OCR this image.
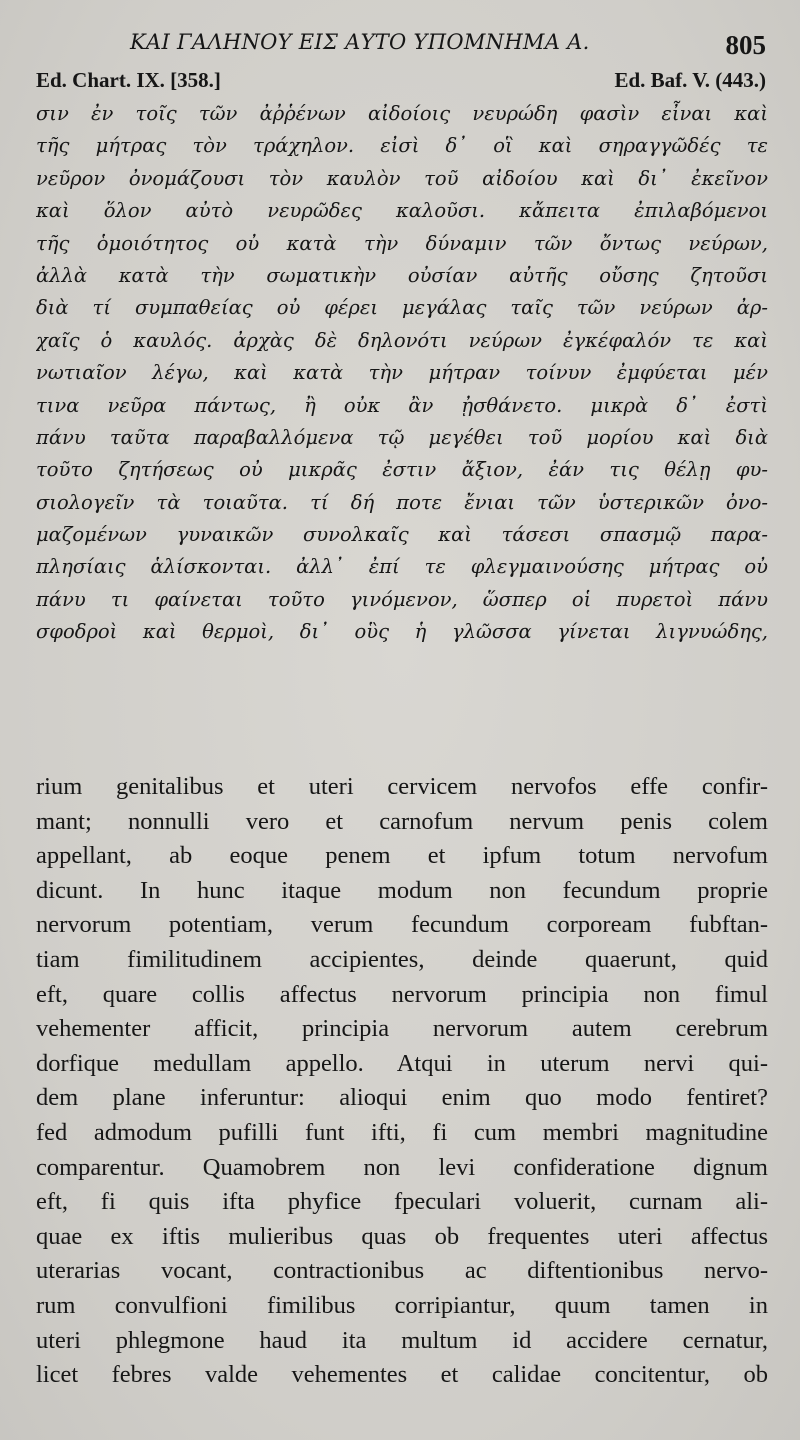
ΚΑΙ ΓΑΛΗΝΟΥ ΕΙΣ ΑΥΤΟ ΥΠΟΜΝΗΜΑ Α.	805
Ed. Chart. IX. [358.]	Ed. Baf. V. (443.)
σιν ἐν τοῖς τῶν ἀῤῥένων αἰδοίοις νευρώδη φασὶν εἶναι καὶ
τῆς μήτρας τὸν τράχηλον. εἰσὶ δ᾽ οἳ καὶ σηραγγῶδές τε
νεῦρον ὀνομάζουσι τὸν καυλὸν τοῦ αἰδοίου καὶ δι᾽ ἐκεῖνον
καὶ ὅλον αὐτὸ νευρῶδες καλοῦσι. κἄπειτα ἐπιλαβόμενοι
τῆς ὁμοιότητος οὐ κατὰ τὴν δύναμιν τῶν ὄντως νεύρων,
ἀλλὰ κατὰ τὴν σωματικὴν οὐσίαν αὐτῆς οὔσης ζητοῦσι
διὰ τί συμπαθείας οὐ φέρει μεγάλας ταῖς τῶν νεύρων ἀρ-
χαῖς ὁ καυλός. ἀρχὰς δὲ δηλονότι νεύρων ἐγκέφαλόν τε καὶ
νωτιαῖον λέγω, καὶ κατὰ τὴν μήτραν τοίνυν ἐμφύεται μέν
τινα νεῦρα πάντως, ἢ οὐκ ἂν ᾐσθάνετο. μικρὰ δ᾽ ἐστὶ
πάνυ ταῦτα παραβαλλόμενα τῷ μεγέθει τοῦ μορίου καὶ διὰ
τοῦτο ζητήσεως οὐ μικρᾶς ἐστιν ἄξιον, ἐάν τις θέλῃ φυ-
σιολογεῖν τὰ τοιαῦτα. τί δή ποτε ἔνιαι τῶν ὑστερικῶν ὀνο-
μαζομένων γυναικῶν συνολκαῖς καὶ τάσεσι σπασμῷ παρα-
πλησίαις ἁλίσκονται. ἀλλ᾽ ἐπί τε φλεγμαινούσης μήτρας οὐ
πάνυ τι φαίνεται τοῦτο γινόμενον, ὥσπερ οἱ πυρετοὶ πάνυ
σφοδροὶ καὶ θερμοὶ, δι᾽ οὓς ἡ γλῶσσα γίνεται λιγνυώδης,
rium genitalibus et uteri cervicem nervofos effe confir-
mant; nonnulli vero et carnofum nervum penis colem
appellant, ab eoque penem et ipfum totum nervofum
dicunt. In hunc itaque modum non fecundum proprie
nervorum potentiam, verum fecundum corpoream fubftan-
tiam fimilitudinem accipientes, deinde quaerunt, quid
eft, quare collis affectus nervorum principia non fimul
vehementer afficit, principia nervorum autem cerebrum
dorfique medullam appello. Atqui in uterum nervi qui-
dem plane inferuntur: alioqui enim quo modo fentiret?
fed admodum pufilli funt ifti, fi cum membri magnitudine
comparentur. Quamobrem non levi confideratione dignum
eft, fi quis ifta phyfice fpeculari voluerit, curnam ali-
quae ex iftis mulieribus quas ob frequentes uteri affectus
uterarias vocant, contractionibus ac diftentionibus nervo-
rum convulfioni fimilibus corripiantur, quum tamen in
uteri phlegmone haud ita multum id accidere cernatur,
licet febres valde vehementes et calidae concitentur, ob
